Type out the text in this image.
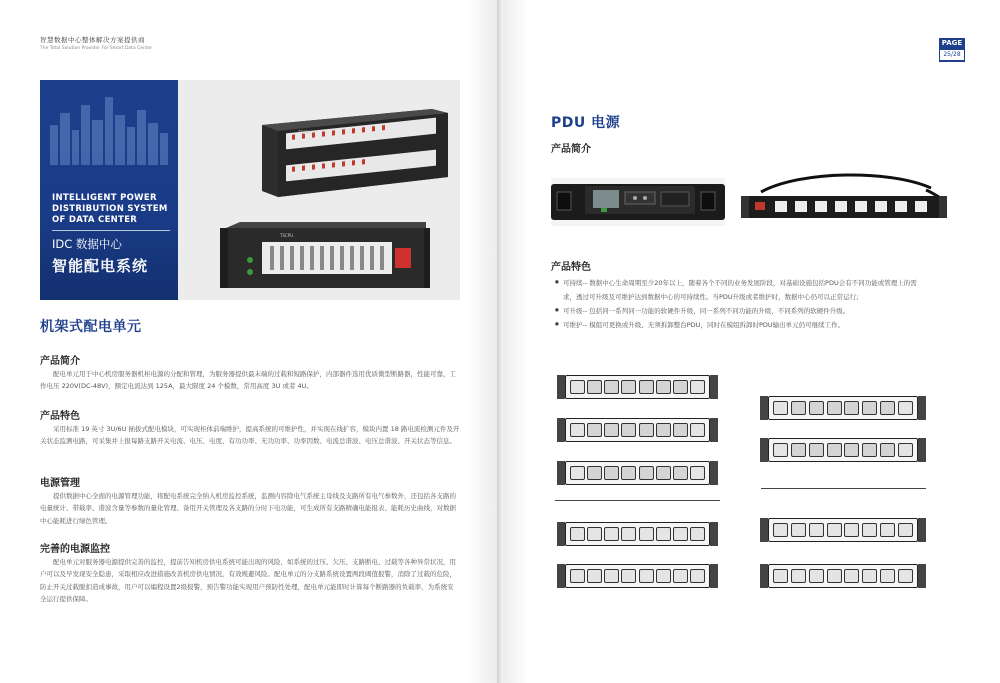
智慧数据中心整体解决方案提供商
The Total Solution Provider For Smart Data Center
INTELLIGENT POWER
DISTRIBUTION SYSTEM
OF DATA CENTER
IDC 数据中心
智能配电系统
TSCPU
TSCPU
机架式配电单元
产品简介
配电单元用于中心机房服务器机柜电源的分配和管理，为服务器提供最末端的过载和短路保护，内部器件选用优质微型断路器，性能可靠，工作电压 220V(DC-48V)，额定电流达到 125A，最大限度 24 个模数，常用高度 3U 或者 4U。
产品特色
采用标准 19 英寸 3U/6U 插拔式配电模块，可实现柜体前端维护，提高系统的可维护性，并实现在线扩容，模块内置 18 路电流检测元件及开关状态监测电路，可采集并上报每路支路开关电流、电压、电度、有功功率、无功功率、功率因数、电流总谐波、电压总谐波、开关状态等信息。
电源管理
提供数据中心全面的电源管理功能，将配电系统完全纳入机房监控系统，监测内容除电气系统主母线及支路所有电气参数外，还包括各支路的电量统计、带载率、谐波含量等参数的量化管理、备用开关管理及各支路的分时下电功能，可生成所有支路精确电能报表、能耗历史曲线，对数据中心能耗进行绿色管理。
完善的电源监控
配电单元对服务器电源提供完善的监控，提前告知机房供电系统可能出现的风险，如系统的过压、欠压、支路断电、过载等各种异常状况，用户可以及早发现安全隐患，采取相应改进措施改善机房供电情况，有效规避风险。配电单元的分支路系统设置两段阈值报警，消除了过载的危险，防止开关过载脱扣造成事故，用户可以编程设置2级报警，预告警功能实现用户预防性处理，配电单元能即时计算每个断路器的负载率，为系统安全运行提供保障。
PAGE
25/28
PDU 电源
产品简介
产品特色
● 可持续-- 数据中心生命周期至少20年以上，随着各个不同的业务发展阶段，对基础设施包括PDU会有不同功能或管理上的需
求，透过可升级及可维护达到数据中心的可持续性。当PDU升级或者维护时，数据中心仍可以正常运行；
● 可升级-- 包括同一系列同一功能的软硬件升级，同一系列不同功能的升级，不同系列的软硬件升级。
● 可维护-- 模组可更换或升级、无须拆卸整台PDU，同时在模组拆卸时PDU输出单元仍可继续工作。
